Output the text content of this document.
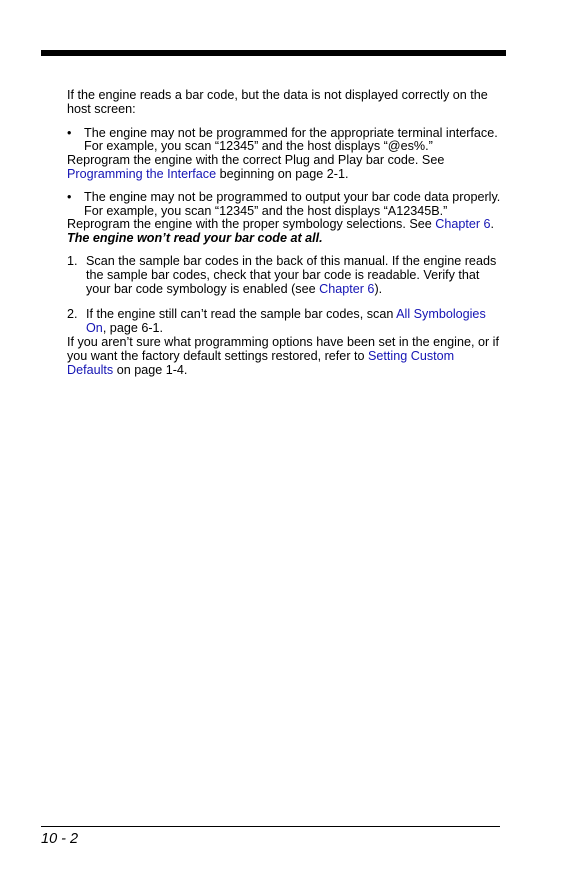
If the engine reads a bar code, but the data is not displayed correctly on the host screen:

• The engine may not be programmed for the appropriate terminal interface.
For example, you scan “12345” and the host displays “@es%.”

Reprogram the engine with the correct Plug and Play bar code. See Programming the Interface beginning on page 2-1.

• The engine may not be programmed to output your bar code data properly.
For example, you scan “12345” and the host displays “A12345B.”

Reprogram the engine with the proper symbology selections. See Chapter 6.

The engine won’t read your bar code at all.

1. Scan the sample bar codes in the back of this manual. If the engine reads the sample bar codes, check that your bar code is readable. Verify that your bar code symbology is enabled (see Chapter 6).

2. If the engine still can’t read the sample bar codes, scan All Symbologies On, page 6-1.

If you aren’t sure what programming options have been set in the engine, or if you want the factory default settings restored, refer to Setting Custom Defaults on page 1-4.

10 - 2
